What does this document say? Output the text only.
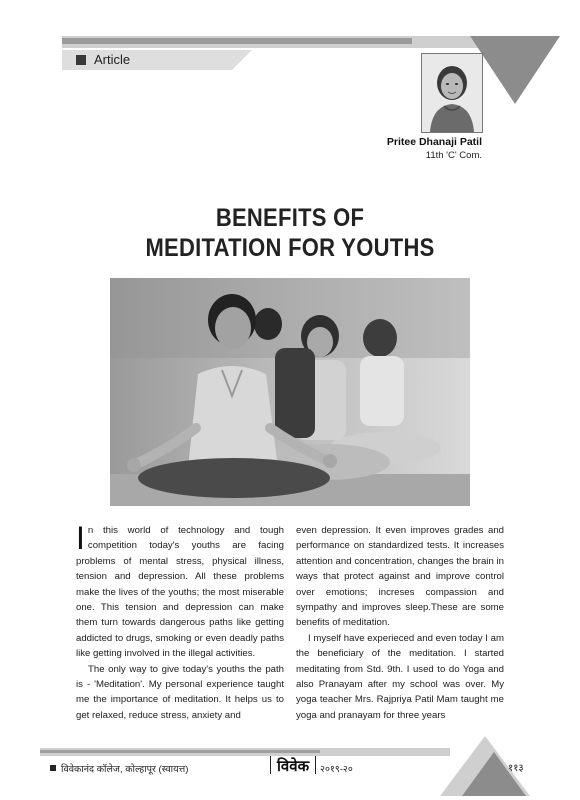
Article
Pritee Dhanaji Patil
11th 'C' Com.
BENEFITS OF
MEDITATION FOR YOUTHS

In this world of technology and tough competition today's youths are facing problems of mental stress, physical illness, tension and depression. All these problems make the lives of the youths; the most miserable one. This tension and depression can make them turn towards dangerous paths like getting addicted to drugs, smoking or even deadly paths like getting involved in the illegal activities.

The only way to give today's youths the path is - 'Meditation'. My personal experience taught me the importance of meditation. It helps us to get relaxed, reduce stress, anxiety and

even depression. It even improves grades and performance on standardized tests. It increases attention and concentration, changes the brain in ways that protect against and improve control over emotions; increses compassion and sympathy and improves sleep.These are some benefits of meditation.

I myself have experieced and even today I am the beneficiary of the meditation. I started meditating from Std. 9th. I used to do Yoga and also Pranayam after my school was over. My yoga teacher Mrs. Rajpriya Patil Mam taught me yoga and pranayam for three years

विवेकानंद कॉलेज, कोल्हापूर (स्वायत्त)	विवेक	२०१९-२०	११३
